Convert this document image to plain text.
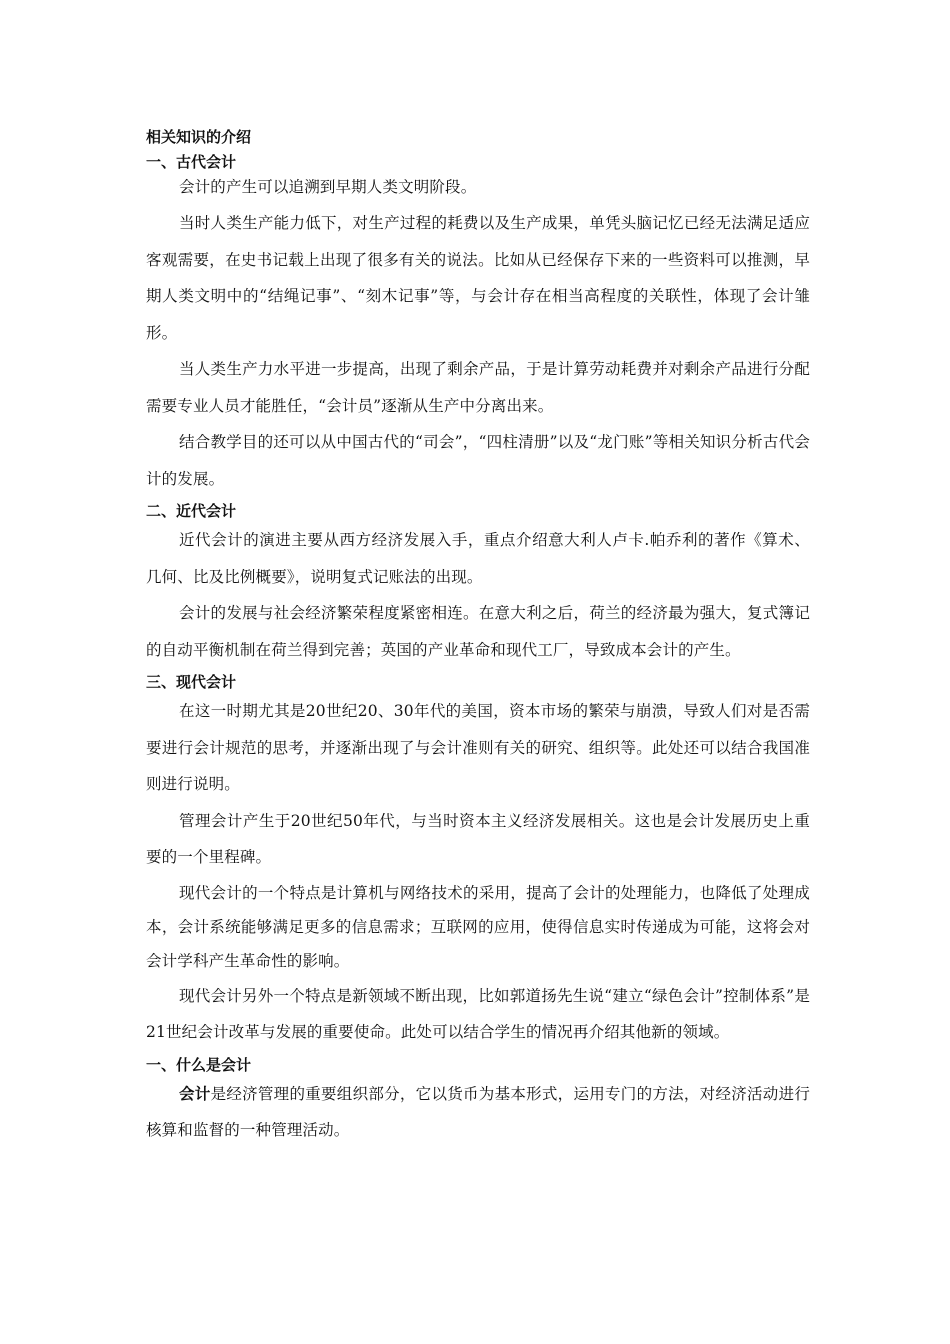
相关知识的介绍
一、古代会计

会计的产生可以追溯到早期人类文明阶段。

当时人类生产能力低下，对生产过程的耗费以及生产成果，单凭头脑记忆已经无法满足适应客观需要，在史书记载上出现了很多有关的说法。比如从已经保存下来的一些资料可以推测，早期人类文明中的“结绳记事”、“刻木记事”等，与会计存在相当高程度的关联性，体现了会计雏形。

当人类生产力水平进一步提高，出现了剩余产品，于是计算劳动耗费并对剩余产品进行分配需要专业人员才能胜任，“会计员”逐渐从生产中分离出来。

结合教学目的还可以从中国古代的“司会”，“四柱清册”以及“龙门账”等相关知识分析古代会计的发展。

二、近代会计

近代会计的演进主要从西方经济发展入手，重点介绍意大利人卢卡.帕乔利的著作《算术、几何、比及比例概要》，说明复式记账法的出现。

会计的发展与社会经济繁荣程度紧密相连。在意大利之后，荷兰的经济最为强大，复式簿记的自动平衡机制在荷兰得到完善；英国的产业革命和现代工厂，导致成本会计的产生。

三、现代会计

在这一时期尤其是20世纪20、30年代的美国，资本市场的繁荣与崩溃，导致人们对是否需要进行会计规范的思考，并逐渐出现了与会计准则有关的研究、组织等。此处还可以结合我国准则进行说明。

管理会计产生于20世纪50年代，与当时资本主义经济发展相关。这也是会计发展历史上重要的一个里程碑。

现代会计的一个特点是计算机与网络技术的采用，提高了会计的处理能力，也降低了处理成本，会计系统能够满足更多的信息需求；互联网的应用，使得信息实时传递成为可能，这将会对会计学科产生革命性的影响。

现代会计另外一个特点是新领域不断出现，比如郭道扬先生说“建立“绿色会计”控制体系”是21世纪会计改革与发展的重要使命。此处可以结合学生的情况再介绍其他新的领域。

一、什么是会计

会计是经济管理的重要组织部分，它以货币为基本形式，运用专门的方法，对经济活动进行核算和监督的一种管理活动。
